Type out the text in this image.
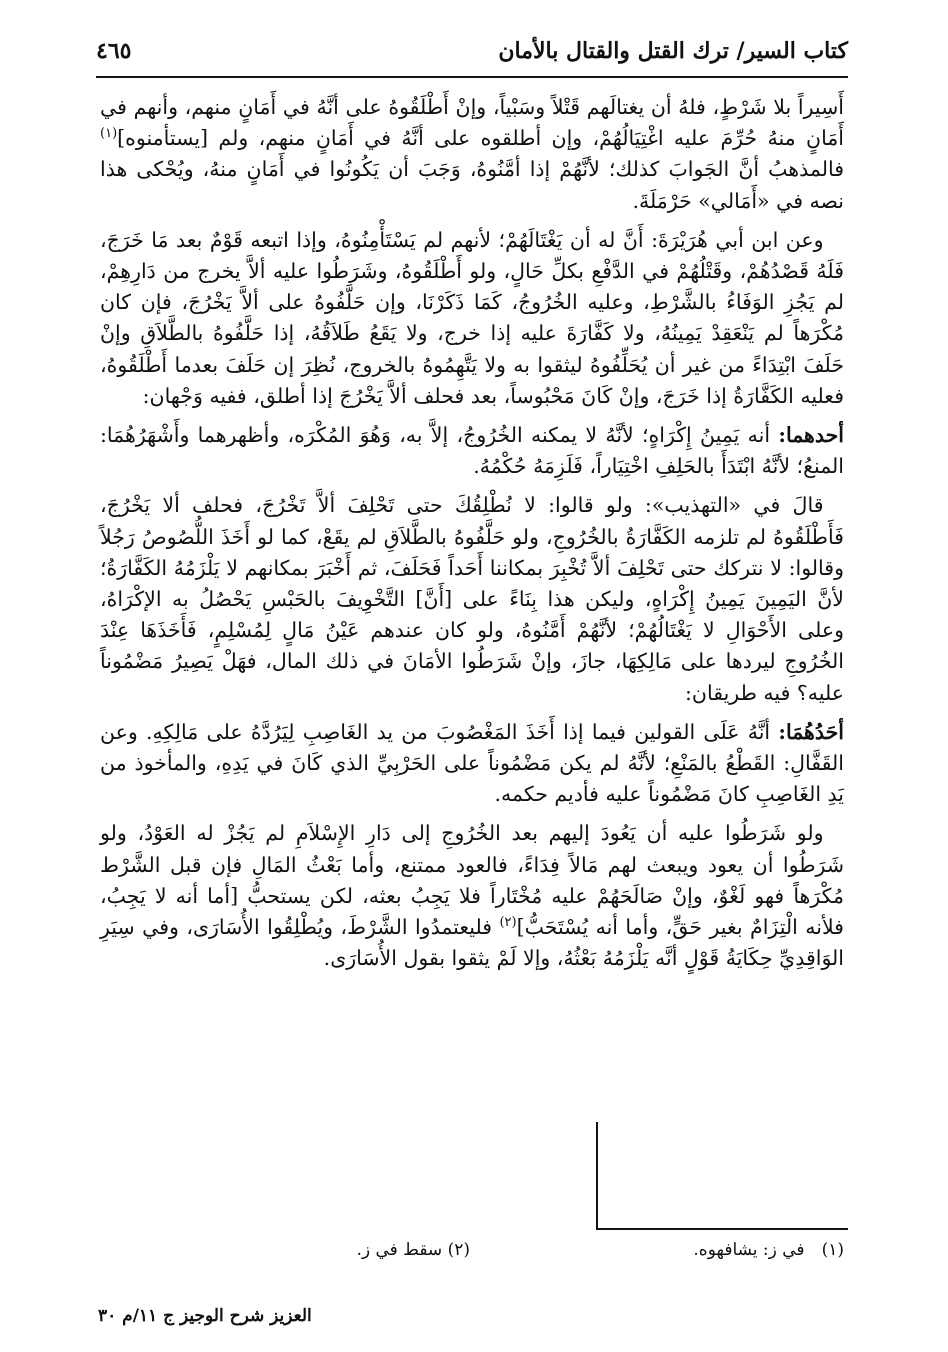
كتاب السير/ ترك القتل والقتال بالأمان
٤٦٥

أَسِيراً بلا شَرْطٍ، فلهُ أن يغتالَهم قَتْلاً وسَبْياً، وإنْ أَطْلَقُوهُ على أنَّهُ في أَمَانٍ منهم، وأنهم في أَمَانٍ منهُ حُرِّمَ عليه اغْتِيَالُهُمْ، وإن أطلقوه على أنَّهُ في أَمَانٍ منهم، ولم [يستأمنوه]$^{(١)}$ فالمذهبُ أنَّ الجَوابَ كذلك؛ لأنَّهُمْ إذا أمَّنُوهُ، وَجَبَ أن يَكُونُوا في أَمَانٍ منهُ، ويُحْكى هذا نصه في «أَمَالي» حَرْمَلَةَ.

 وعن ابن أبي هُرَيْرَةَ: أَنَّ له أن يَغْتَالَهُمْ؛ لأنهم لم يَسْتَأْمِنُوهُ، وإذا اتبعه قَوْمٌ بعد مَا خَرَجَ، فَلَهُ قَصْدُهُمْ، وقَتْلُهُمْ في الدَّفْعِ بكلِّ حَالٍ، ولو أَطْلَقُوهُ، وشَرَطُوا عليه ألاَّ يخرج من دَارِهِمْ، لم يَجُزِ الوَفَاءُ بالشَّرْطِ، وعليه الخُرُوجُ، كَمَا ذَكَرْنَا، وإن حَلَّفُوهُ على ألاَّ يَخْرُجَ، فإن كان مُكْرَهاً لم يَنْعَقِدْ يَمِينُهُ، ولا كَفَّارَةَ عليه إذا خرج، ولا يَقَعُ طَلاَقُهُ، إذا حَلَّفُوهُ بالطَّلاَقِ وإنْ حَلَفَ ابْتِدَاءً من غير أن يُحَلِّفُوهُ ليثقوا به ولا يَتَّهِمُوهُ بالخروج، نُظِرَ إن حَلَفَ بعدما أَطْلَقُوهُ، فعليه الكَفَّارَةُ إذا خَرَجَ، وإنْ كَانَ مَحْبُوساً، بعد فحلف ألاَّ يَخْرُجَ إذا أطلق، ففيه وَجْهان:

أحدهما: أنه يَمِينُ إِكْرَاهٍ؛ لأنَّهُ لا يمكنه الخُرُوجُ، إلاَّ به، وَهُوَ المُكْرَه، وأظهرهما وأَشْهَرُهُمَا: المنعُ؛ لأنَّهُ ابْتَدَأَ بالحَلِفِ اخْتِيَاراً، فَلَزِمَهُ حُكْمُهُ.

 قالَ في «التهذيب»: ولو قالوا: لا نُطْلِقُكَ حتى تَحْلِفَ ألاَّ تَخْرُجَ، فحلف ألا يَخْرُجَ، فَأَطْلَقُوهُ لم تلزمه الكَفَّارَةُ بالخُرُوجِ، ولو حَلَّفُوهُ بالطَّلاَقِ لم يقَعْ، كما لو أَخَذَ اللُّصُوصُ رَجُلاً وقالوا: لا نتركك حتى تَحْلِفَ ألاَّ تُخْبِرَ بمكاننا أَحَداً فَحَلَفَ، ثم أَخْبَرَ بمكانهم لا يَلْزَمُهُ الكَفَّارَةُ؛ لأنَّ اليَمِينَ يَمِينُ إِكْرَاهٍ، وليكن هذا بِنَاءً على [أَنَّ] التَّخْوِيفَ بالحَبْسِ يَحْصُلُ به الإكْرَاهُ، وعلى الأَحْوَالِ لا يَغْتَالُهُمْ؛ لأنَّهُمْ أَمَّنُوهُ، ولو كان عندهم عَيْنُ مَالٍ لِمُسْلِمٍ، فَأَخَذَهَا عِنْدَ الخُرُوجِ ليردها على مَالِكِهَا، جازَ، وإنْ شَرَطُوا الأمَانَ في ذلك المال، فهَلْ يَصِيرُ مَضْمُوناً عليه؟ فيه طريقان:

أحَدُهُمَا: أنَّهُ عَلَى القولين فيما إذا أَخَذَ المَغْصُوبَ من يد الغَاصِبِ لِيَرُدَّهُ على مَالِكِهِ. وعن القَفَّالِ: القَطْعُ بالمَنْعِ؛ لأنَّهُ لم يكن مَضْمُوناً على الحَرْبِيِّ الذي كَانَ في يَدِهِ، والمأخوذ من يَدِ الغَاصِبِ كانَ مَضْمُوناً عليه فأديم حكمه.

 ولو شَرَطُوا عليه أن يَعُودَ إليهم بعد الخُرُوجِ إلى دَارِ الإِسْلاَمِ لم يَجُزْ له العَوْدُ، ولو شَرَطُوا أن يعود ويبعث لهم مَالاً فِدَاءً، فالعود ممتنع، وأما بَعْثُ المَالِ فإن قبل الشَّرْط مُكْرَهاً فهو لَغْوٌ، وإنْ صَالَحَهُمْ عليه مُخْتَاراً فلا يَجِبُ بعثه، لكن يستحبُّ [أما أنه لا يَجِبُ، فلأنه الْتِزَامٌ بغير حَقٍّ، وأما أنه يُسْتَحَبُّ]$^{(٢)}$ فليعتمدُوا الشَّرْطَ، ويُطْلِقُوا الأُسَارَى، وفي سِيَرِ الوَاقِدِيِّ حِكَايَةُ قَوْلٍ أنَّه يَلْزَمُهُ بَعْثُهُ، وإلا لَمْ يثقوا بقول الأُسَارَى.

(١) في ز: يشافهوه.
(٢) سقط في ز.
العزيز شرح الوجيز ج ١١/م ٣٠
